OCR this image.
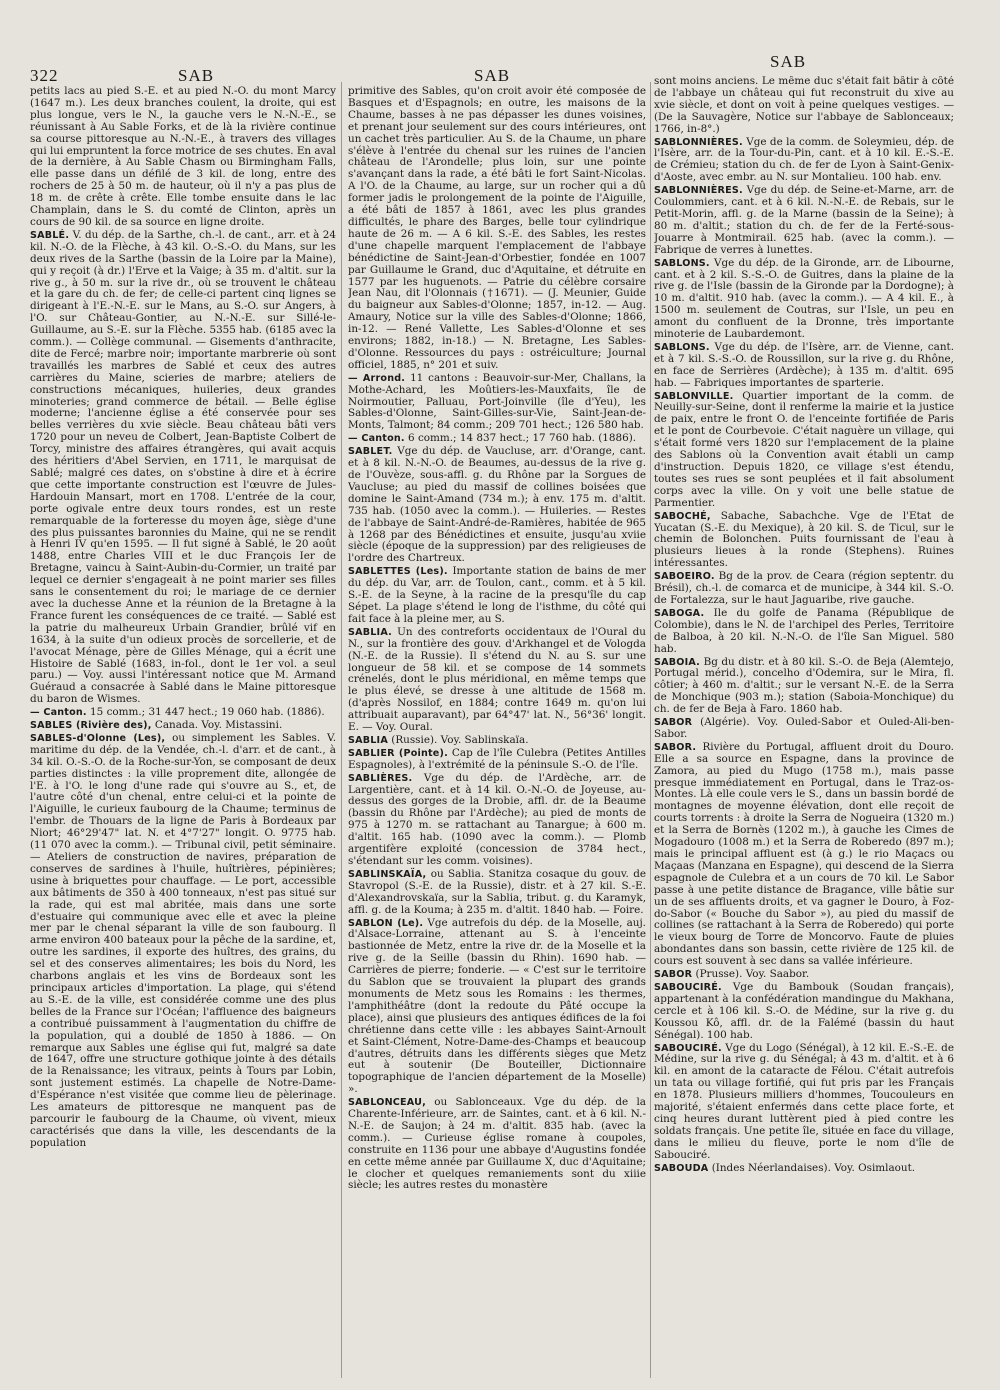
322	SAB	SAB
SAB

petits lacs au pied S.-E. et au pied N.-O. du mont Marcy (1647 m.). Les deux branches coulent, la droite, qui est plus longue, vers le N., la gauche vers le N.-N.-E., se réunissant à Au Sable Forks, et de là la rivière continue sa course pittoresque au N.-N.-E., à travers des villages qui lui empruntent la force motrice de ses chutes. En aval de la dernière, à Au Sable Chasm ou Birmingham Falls, elle passe dans un défilé de 3 kil. de long, entre des rochers de 25 à 50 m. de hauteur, où il n'y a pas plus de 18 m. de crête à crête. Elle tombe ensuite dans le lac Champlain, dans le S. du comté de Clinton, après un cours de 90 kil. de sa source en ligne droite.

SABLÉ. V. du dép. de la Sarthe, ch.-l. de cant., arr. et à 24 kil. N.-O. de la Flèche, à 43 kil. O.-S.-O. du Mans, sur les deux rives de la Sarthe (bassin de la Loire par la Maine), qui y reçoit (à dr.) l'Erve et la Vaige; à 35 m. d'altit. sur la rive g., à 50 m. sur la rive dr., où se trouvent le château et la gare du ch. de fer; de celle-ci partent cinq lignes se dirigeant à l'E.-N.-E. sur le Mans, au S.-O. sur Angers, à l'O. sur Château-Gontier, au N.-N.-E. sur Sillé-le-Guillaume, au S.-E. sur la Flèche. 5355 hab. (6185 avec la comm.). — Collège communal. — Gisements d'anthracite, dite de Fercé; marbre noir; importante marbrerie où sont travaillés les marbres de Sablé et ceux des autres carrières du Maine, scieries de marbre; ateliers de constructions mécaniques, huileries, deux grandes minoteries; grand commerce de bétail. — Belle église moderne; l'ancienne église a été conservée pour ses belles verrières du xvie siècle. Beau château bâti vers 1720 pour un neveu de Colbert, Jean-Baptiste Colbert de Torcy, ministre des affaires étrangères, qui avait acquis des héritiers d'Abel Servien, en 1711, le marquisat de Sablé; malgré ces dates, on s'obstine à dire et à écrire que cette importante construction est l'œuvre de Jules-Hardouin Mansart, mort en 1708. L'entrée de la cour, porte ogivale entre deux tours rondes, est un reste remarquable de la forteresse du moyen âge, siège d'une des plus puissantes baronnies du Maine, qui ne se rendit à Henri IV qu'en 1595. — Il fut signé à Sablé, le 20 août 1488, entre Charles VIII et le duc François Ier de Bretagne, vaincu à Saint-Aubin-du-Cormier, un traité par lequel ce dernier s'engageait à ne point marier ses filles sans le consentement du roi; le mariage de ce dernier avec la duchesse Anne et la réunion de la Bretagne à la France furent les conséquences de ce traité. — Sablé est la patrie du malheureux Urbain Grandier, brûlé vif en 1634, à la suite d'un odieux procès de sorcellerie, et de l'avocat Ménage, père de Gilles Ménage, qui a écrit une Histoire de Sablé (1683, in-fol., dont le 1er vol. a seul paru.) — Voy. aussi l'intéressant notice que M. Armand Guéraud a consacrée à Sablé dans le Maine pittoresque du baron de Wismes.

— Canton. 15 comm.; 31 447 hect.; 19 060 hab. (1886).

SABLES (Rivière des), Canada. Voy. Mistassini.

SABLES-d'Olonne (Les), ou simplement les Sables. V. maritime du dép. de la Vendée, ch.-l. d'arr. et de cant., à 34 kil. O.-S.-O. de la Roche-sur-Yon, se composant de deux parties distinctes : la ville proprement dite, allongée de l'E. à l'O. le long d'une rade qui s'ouvre au S., et, de l'autre côté d'un chenal, entre celui-ci et la pointe de l'Aiguille, le curieux faubourg de la Chaume; terminus de l'embr. de Thouars de la ligne de Paris à Bordeaux par Niort; 46°29'47" lat. N. et 4°7'27" longit. O. 9775 hab. (11 070 avec la comm.). — Tribunal civil, petit séminaire. — Ateliers de construction de navires, préparation de conserves de sardines à l'huile, huîtrières, pépinières; usine à briquettes pour chauffage. — Le port, accessible aux bâtiments de 350 à 400 tonneaux, n'est pas situé sur la rade, qui est mal abritée, mais dans une sorte d'estuaire qui communique avec elle et avec la pleine mer par le chenal séparant la ville de son faubourg. Il arme environ 400 bateaux pour la pêche de la sardine, et, outre les sardines, il exporte des huîtres, des grains, du sel et des conserves alimentaires; les bois du Nord, les charbons anglais et les vins de Bordeaux sont les principaux articles d'importation. La plage, qui s'étend au S.-E. de la ville, est considérée comme une des plus belles de la France sur l'Océan; l'affluence des baigneurs a contribué puissamment à l'augmentation du chiffre de la population, qui a doublé de 1850 à 1886. — On remarque aux Sables une église qui fut, malgré sa date de 1647, offre une structure gothique jointe à des détails de la Renaissance; les vitraux, peints à Tours par Lobin, sont justement estimés. La chapelle de Notre-Dame-d'Espérance n'est visitée que comme lieu de pèlerinage. Les amateurs de pittoresque ne manquent pas de parcourir le faubourg de la Chaume, où vivent, mieux caractérisés que dans la ville, les descendants de la population

primitive des Sables, qu'on croit avoir été composée de Basques et d'Espagnols; en outre, les maisons de la Chaume, basses à ne pas dépasser les dunes voisines, et prenant jour seulement sur des cours intérieures, ont un cachet très particulier. Au S. de la Chaume, un phare s'élève à l'entrée du chenal sur les ruines de l'ancien château de l'Arondelle; plus loin, sur une pointe s'avançant dans la rade, a été bâti le fort Saint-Nicolas. A l'O. de la Chaume, au large, sur un rocher qui a dû former jadis le prolongement de la pointe de l'Aiguille, a été bâti de 1857 à 1861, avec les plus grandes difficultés, le phare des Barges, belle tour cylindrique haute de 26 m. — A 6 kil. S.-E. des Sables, les restes d'une chapelle marquent l'emplacement de l'abbaye bénédictine de Saint-Jean-d'Orbestier, fondée en 1007 par Guillaume le Grand, duc d'Aquitaine, et détruite en 1577 par les huguenots. — Patrie du célèbre corsaire Jean Nau, dit l'Olonnais (†1671). — (J. Meunier, Guide du baigneur aux Sables-d'Olonne; 1857, in-12. — Aug. Amaury, Notice sur la ville des Sables-d'Olonne; 1866, in-12. — René Vallette, Les Sables-d'Olonne et ses environs; 1882, in-18.) — N. Bretagne, Les Sables-d'Olonne. Ressources du pays : ostréiculture; Journal officiel, 1885, n° 201 et suiv.

— Arrond. 11 cantons : Beauvoir-sur-Mer, Challans, la Mothe-Achard, les Moûtiers-les-Mauxfaits, île de Noirmoutier, Palluau, Port-Joinville (île d'Yeu), les Sables-d'Olonne, Saint-Gilles-sur-Vie, Saint-Jean-de-Monts, Talmont; 84 comm.; 209 701 hect.; 126 580 hab.

— Canton. 6 comm.; 14 837 hect.; 17 760 hab. (1886).

SABLET. Vge du dép. de Vaucluse, arr. d'Orange, cant. et à 8 kil. N.-N.-O. de Beaumes, au-dessus de la rive g. de l'Ouvèze, sous-affl. g. du Rhône par la Sorgues de Vaucluse; au pied du massif de collines boisées que domine le Saint-Amand (734 m.); à env. 175 m. d'altit. 735 hab. (1050 avec la comm.). — Huileries. — Restes de l'abbaye de Saint-André-de-Ramières, habitée de 965 à 1268 par des Bénédictines et ensuite, jusqu'au xviie siècle (époque de la suppression) par des religieuses de l'ordre des Chartreux.

SABLETTES (Les). Importante station de bains de mer du dép. du Var, arr. de Toulon, cant., comm. et à 5 kil. S.-E. de la Seyne, à la racine de la presqu'île du cap Sépet. La plage s'étend le long de l'isthme, du côté qui fait face à la pleine mer, au S.

SABLIA. Un des contreforts occidentaux de l'Oural du N., sur la frontière des gouv. d'Arkhangel et de Vologda (N.-E. de la Russie). Il s'étend du N. au S. sur une longueur de 58 kil. et se compose de 14 sommets crénelés, dont le plus méridional, en même temps que le plus élevé, se dresse à une altitude de 1568 m. (d'après Nossilof, en 1884; contre 1649 m. qu'on lui attribuait auparavant), par 64°47' lat. N., 56°36' longit. E. — Voy. Oural.

SABLIA (Russie). Voy. Sablinskaïa.

SABLIER (Pointe). Cap de l'île Culebra (Petites Antilles Espagnoles), à l'extrémité de la péninsule S.-O. de l'île.

SABLIÈRES. Vge du dép. de l'Ardèche, arr. de Largentière, cant. et à 14 kil. O.-N.-O. de Joyeuse, au-dessus des gorges de la Drobie, affl. dr. de la Beaume (bassin du Rhône par l'Ardèche); au pied de monts de 975 à 1270 m. se rattachant au Tanargue; à 600 m. d'altit. 165 hab. (1090 avec la comm.). — Plomb argentifère exploité (concession de 3784 hect., s'étendant sur les comm. voisines).

SABLINSKAÏA, ou Sablia. Stanitza cosaque du gouv. de Stavropol (S.-E. de la Russie), distr. et à 27 kil. S.-E. d'Alexandrovskaïa, sur la Sablia, tribut. g. du Karamyk, affl. g. de la Kouma; à 235 m. d'altit. 1840 hab. — Foire.

SABLON (Le). Vge autrefois du dép. de la Moselle, auj. d'Alsace-Lorraine, attenant au S. à l'enceinte bastionnée de Metz, entre la rive dr. de la Moselle et la rive g. de la Seille (bassin du Rhin). 1690 hab. — Carrières de pierre; fonderie. — « C'est sur le territoire du Sablon que se trouvaient la plupart des grands monuments de Metz sous les Romains : les thermes, l'amphithéâtre (dont la redoute du Pâté occupe la place), ainsi que plusieurs des antiques édifices de la foi chrétienne dans cette ville : les abbayes Saint-Arnoult et Saint-Clément, Notre-Dame-des-Champs et beaucoup d'autres, détruits dans les différents sièges que Metz eut à soutenir (De Bouteiller, Dictionnaire topographique de l'ancien département de la Moselle) ».

SABLONCEAU, ou Sablonceaux. Vge du dép. de la Charente-Inférieure, arr. de Saintes, cant. et à 6 kil. N.-N.-E. de Saujon; à 24 m. d'altit. 835 hab. (avec la comm.). — Curieuse église romane à coupoles, construite en 1136 pour une abbaye d'Augustins fondée en cette même année par Guillaume X, duc d'Aquitaine; le clocher et quelques remaniements sont du xiiie siècle; les autres restes du monastère

sont moins anciens. Le même duc s'était fait bâtir à côté de l'abbaye un château qui fut reconstruit du xive au xvie siècle, et dont on voit à peine quelques vestiges. — (De la Sauvagère, Notice sur l'abbaye de Sablonceaux; 1766, in-8°.)

SABLONNIÈRES. Vge de la comm. de Soleymieu, dép. de l'Isère, arr. de la Tour-du-Pin, cant. et à 10 kil. E.-S.-E. de Crémieu; station du ch. de fer de Lyon à Saint-Genix-d'Aoste, avec embr. au N. sur Montalieu. 100 hab. env.

SABLONNIÈRES. Vge du dép. de Seine-et-Marne, arr. de Coulommiers, cant. et à 6 kil. N.-N.-E. de Rebais, sur le Petit-Morin, affl. g. de la Marne (bassin de la Seine); à 80 m. d'altit.; station du ch. de fer de la Ferté-sous-Jouarre à Montmirail. 625 hab. (avec la comm.). — Fabrique de verres à lunettes.

SABLONS. Vge du dép. de la Gironde, arr. de Libourne, cant. et à 2 kil. S.-S.-O. de Guitres, dans la plaine de la rive g. de l'Isle (bassin de la Gironde par la Dordogne); à 10 m. d'altit. 910 hab. (avec la comm.). — A 4 kil. E., à 1500 m. seulement de Coutras, sur l'Isle, un peu en amont du confluent de la Dronne, très importante minoterie de Laubardemont.

SABLONS. Vge du dép. de l'Isère, arr. de Vienne, cant. et à 7 kil. S.-S.-O. de Roussillon, sur la rive g. du Rhône, en face de Serrières (Ardèche); à 135 m. d'altit. 695 hab. — Fabriques importantes de sparterie.

SABLONVILLE. Quartier important de la comm. de Neuilly-sur-Seine, dont il renferme la mairie et la justice de paix, entre le front O. de l'enceinte fortifiée de Paris et le pont de Courbevoie. C'était naguère un village, qui s'était formé vers 1820 sur l'emplacement de la plaine des Sablons où la Convention avait établi un camp d'instruction. Depuis 1820, ce village s'est étendu, toutes ses rues se sont peuplées et il fait absolument corps avec la ville. On y voit une belle statue de Parmentier.

SABOCHÉ, Sabache, Sabachche. Vge de l'Etat de Yucatan (S.-E. du Mexique), à 20 kil. S. de Ticul, sur le chemin de Bolonchen. Puits fournissant de l'eau à plusieurs lieues à la ronde (Stephens). Ruines intéressantes.

SABOEIRO. Bg de la prov. de Ceara (région septentr. du Brésil), ch.-l. de comarca et de municipe, à 344 kil. S.-O. de Fortalezza, sur le haut Jaguaribe, rive gauche.

SABOGA. Ile du golfe de Panama (République de Colombie), dans le N. de l'archipel des Perles, Territoire de Balboa, à 20 kil. N.-N.-O. de l'île San Miguel. 580 hab.

SABOIA. Bg du distr. et à 80 kil. S.-O. de Beja (Alemtejo, Portugal mérid.), concelho d'Odemira, sur le Mira, fl. côtier; à 460 m. d'altit.; sur le versant N.-E. de la Serra de Monchique (903 m.); station (Saboia-Monchique) du ch. de fer de Beja à Faro. 1860 hab.

SABOR (Algérie). Voy. Ouled-Sabor et Ouled-Ali-ben-Sabor.

SABOR. Rivière du Portugal, affluent droit du Douro. Elle a sa source en Espagne, dans la province de Zamora, au pied du Mugo (1758 m.), mais passe presque immédiatement en Portugal, dans le Traz-os-Montes. Là elle coule vers le S., dans un bassin bordé de montagnes de moyenne élévation, dont elle reçoit de courts torrents : à droite la Serra de Nogueira (1320 m.) et la Serra de Bornès (1202 m.), à gauche les Cimes de Mogadouro (1008 m.) et la Serra de Roberedo (897 m.); mais le principal affluent est (à g.) le rio Maçacs ou Maçaas (Manzana en Espagne), qui descend de la Sierra espagnole de Culebra et a un cours de 70 kil. Le Sabor passe à une petite distance de Bragance, ville bâtie sur un de ses affluents droits, et va gagner le Douro, à Foz-do-Sabor (« Bouche du Sabor »), au pied du massif de collines (se rattachant à la Serra de Roberedo) qui porte le vieux bourg de Torre de Moncorvo. Faute de pluies abondantes dans son bassin, cette rivière de 125 kil. de cours est souvent à sec dans sa vallée inférieure.

SABOR (Prusse). Voy. Saabor.

SABOUCIRÉ. Vge du Bambouk (Soudan français), appartenant à la confédération mandingue du Makhana, cercle et à 106 kil. S.-O. de Médine, sur la rive g. du Koussou Kô, affl. dr. de la Falémé (bassin du haut Sénégal). 100 hab.

SABOUCIRÉ. Vge du Logo (Sénégal), à 12 kil. E.-S.-E. de Médine, sur la rive g. du Sénégal; à 43 m. d'altit. et à 6 kil. en amont de la cataracte de Félou. C'était autrefois un tata ou village fortifié, qui fut pris par les Français en 1878. Plusieurs milliers d'hommes, Toucouleurs en majorité, s'étaient enfermés dans cette place forte, et cinq heures durant luttèrent pied à pied contre les soldats français. Une petite île, située en face du village, dans le milieu du fleuve, porte le nom d'île de Sabouciré.

SABOUDA (Indes Néerlandaises). Voy. Osimlaout.
